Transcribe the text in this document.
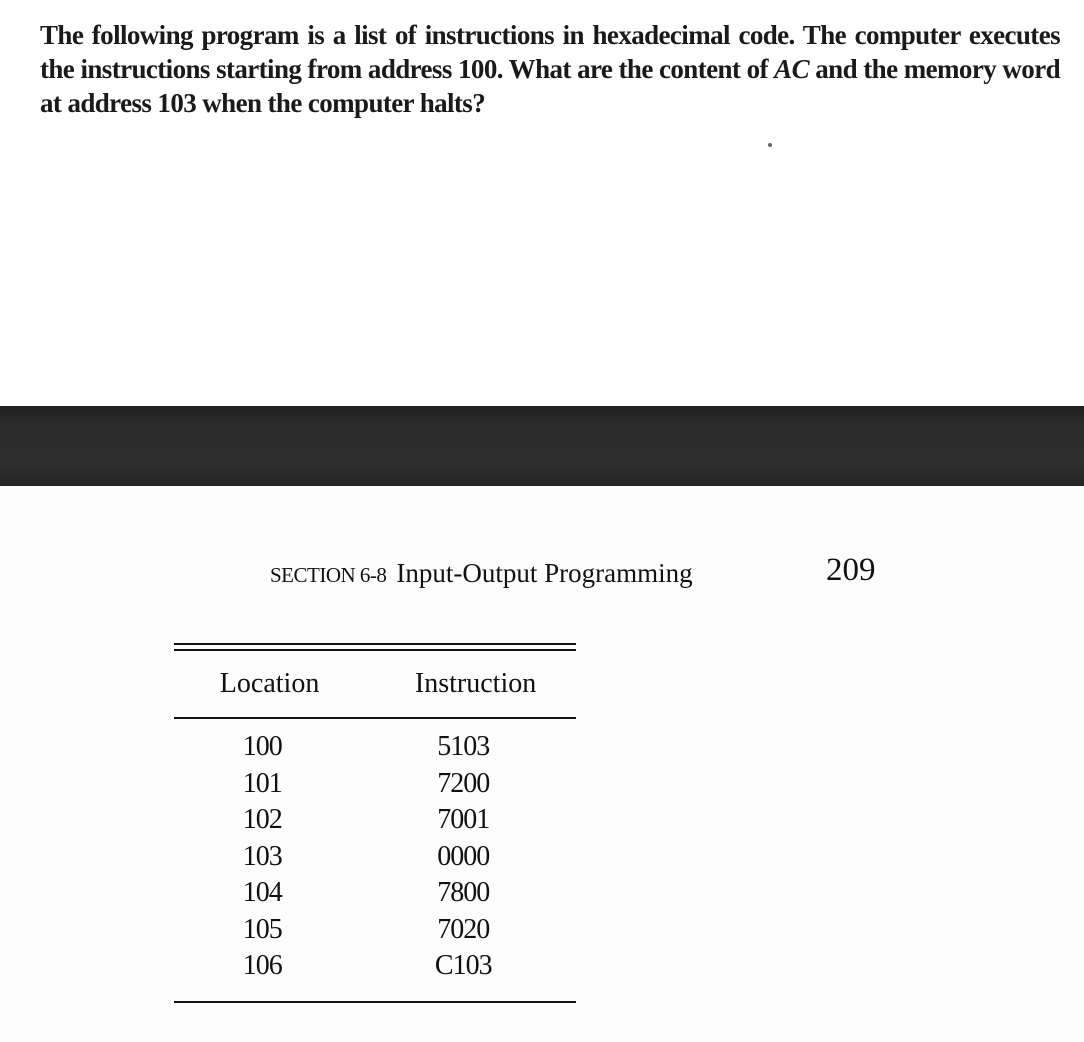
The following program is a list of instructions in hexadecimal code. The computer executes the instructions starting from address 100. What are the content of AC and the memory word at address 103 when the computer halts?
SECTION 6-8 Input-Output Programming	209
Location	Instruction
100	5103
101	7200
102	7001
103	0000
104	7800
105	7020
106	C103
